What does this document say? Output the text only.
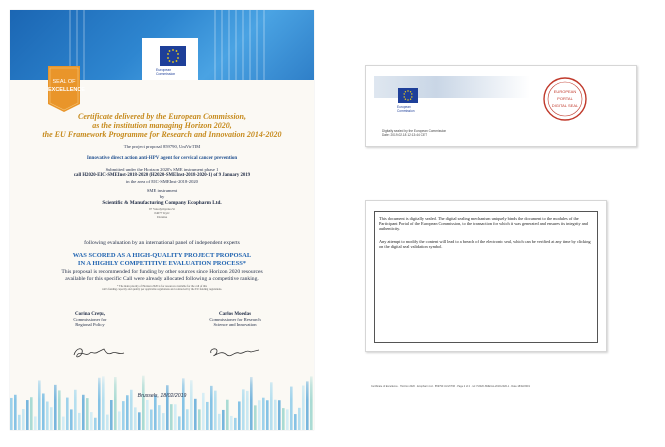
European
Commission
SEAL OF
EXCELLENCE
Certificate delivered by the European Commission,
as the institution managing Horizon 2020,
the EU Framework Programme for Research and Innovation 2014-2020
The project proposal 859790, UniVirTIM
Innovative direct action anti-HPV agent for cervical cancer prevention
Submitted under the Horizon 2020's SME instrument phase 1
call H2020-EIC-SMEInst-2018-2020 (H2020-SMEInst-2018-2020-1) of 9 January 2019
in the area of EIC-SMEInst-2018-2020
SME instrument
by
Scientific & Manufacturing Company Ecopharm Ltd.
97 Volodymyrska St
04077 Kyiv
Ukraine
following evaluation by an international panel of independent experts
WAS SCORED AS A HIGH-QUALITY PROJECT PROPOSAL
IN A HIGHLY COMPETITIVE EVALUATION PROCESS*
This proposal is recommended for funding by other sources since Horizon 2020 resources
available for this specific Call were already allocated following a competitive ranking.
* The main priority of Horizon 2020 is for resources available for the call of this
call's funding capacity and quality per applicable regulations and contracted by the EU funding regulations.
Corina Crețu,
Commissioner for
Regional Policy
Carlos Moedas
Commissioner for Research
Science and Innovation
Brussels, 18/02/2019
European
Commission
Digitally sealed by the European Commission
Date: 2019.02.18 12:13:44 CET
EUROPEAN
PORTAL
DIGITAL SEAL
This document is digitally sealed. The digital sealing mechanism uniquely binds the document to the modules of the Participant Portal of the European Commission, to the transaction for which it was generated and ensures its integrity and authenticity.
Any attempt to modify the content will lead to a breach of the electronic seal, which can be verified at any time by clicking on the digital seal validation symbol.
Certificate of Excellence · Horizon 2020 · Ecopharm Ltd · 859790 UniVirTIM · Page 2 of 2 · ref. H2020-SMEInst-2018-2020-1 · Date 18/02/2019
